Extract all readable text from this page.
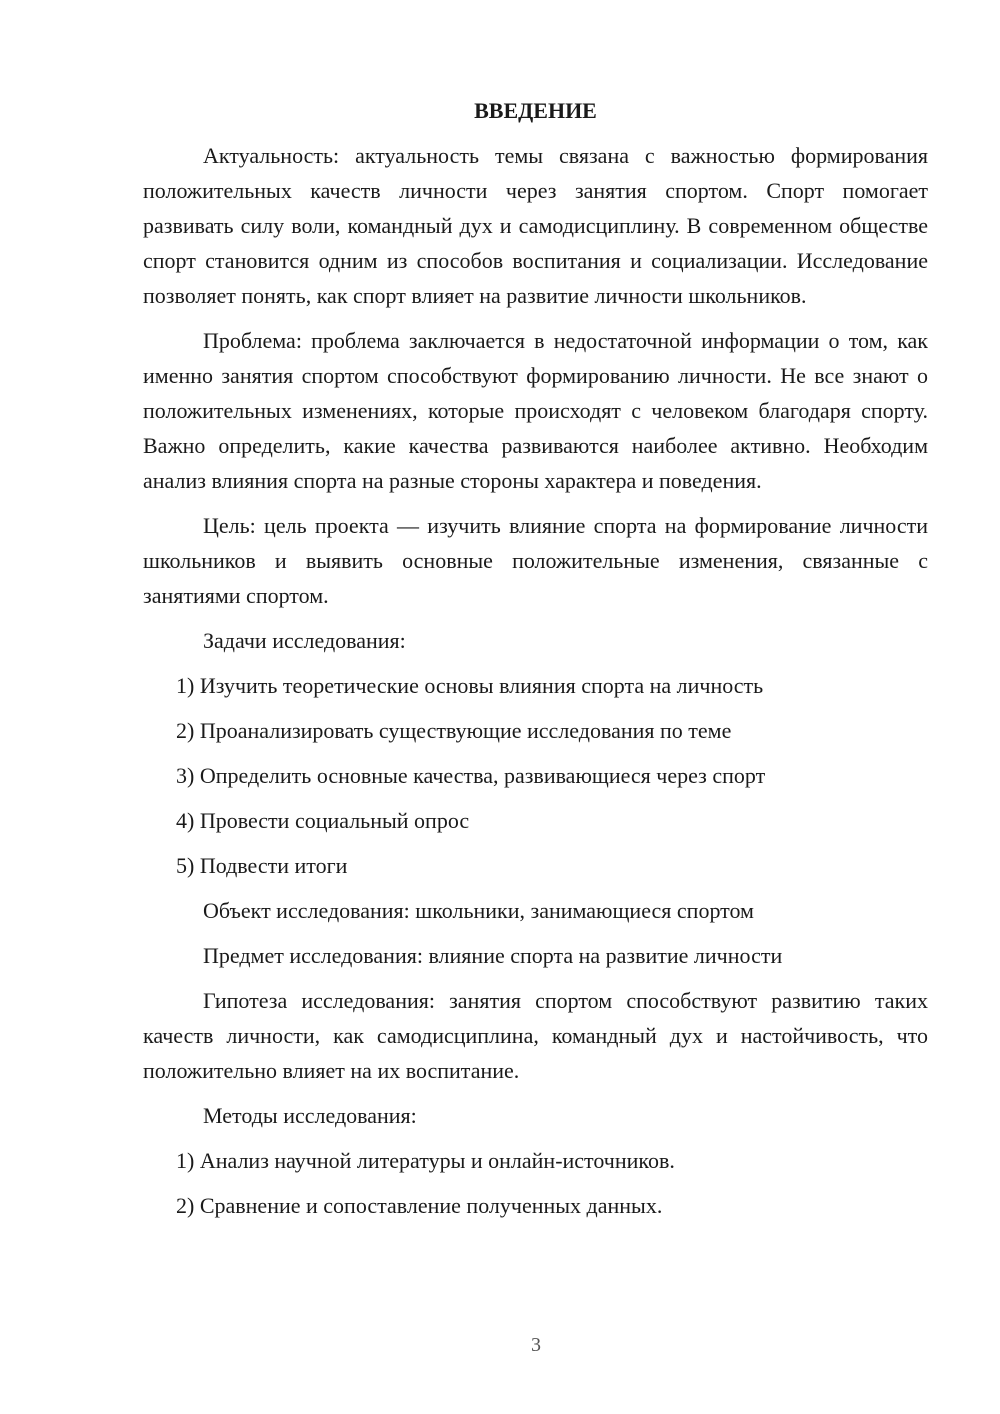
ВВЕДЕНИЕ

Актуальность: актуальность темы связана с важностью формирования положительных качеств личности через занятия спортом. Спорт помогает развивать силу воли, командный дух и самодисциплину. В современном обществе спорт становится одним из способов воспитания и социализации. Исследование позволяет понять, как спорт влияет на развитие личности школьников.

Проблема: проблема заключается в недостаточной информации о том, как именно занятия спортом способствуют формированию личности. Не все знают о положительных изменениях, которые происходят с человеком благодаря спорту. Важно определить, какие качества развиваются наиболее активно. Необходим анализ влияния спорта на разные стороны характера и поведения.

Цель: цель проекта — изучить влияние спорта на формирование личности школьников и выявить основные положительные изменения, связанные с занятиями спортом.

Задачи исследования:

1) Изучить теоретические основы влияния спорта на личность
2) Проанализировать существующие исследования по теме
3) Определить основные качества, развивающиеся через спорт
4) Провести социальный опрос
5) Подвести итоги

Объект исследования: школьники, занимающиеся спортом

Предмет исследования: влияние спорта на развитие личности

Гипотеза исследования: занятия спортом способствуют развитию таких качеств личности, как самодисциплина, командный дух и настойчивость, что положительно влияет на их воспитание.

Методы исследования:

1) Анализ научной литературы и онлайн-источников.
2) Сравнение и сопоставление полученных данных.
3
